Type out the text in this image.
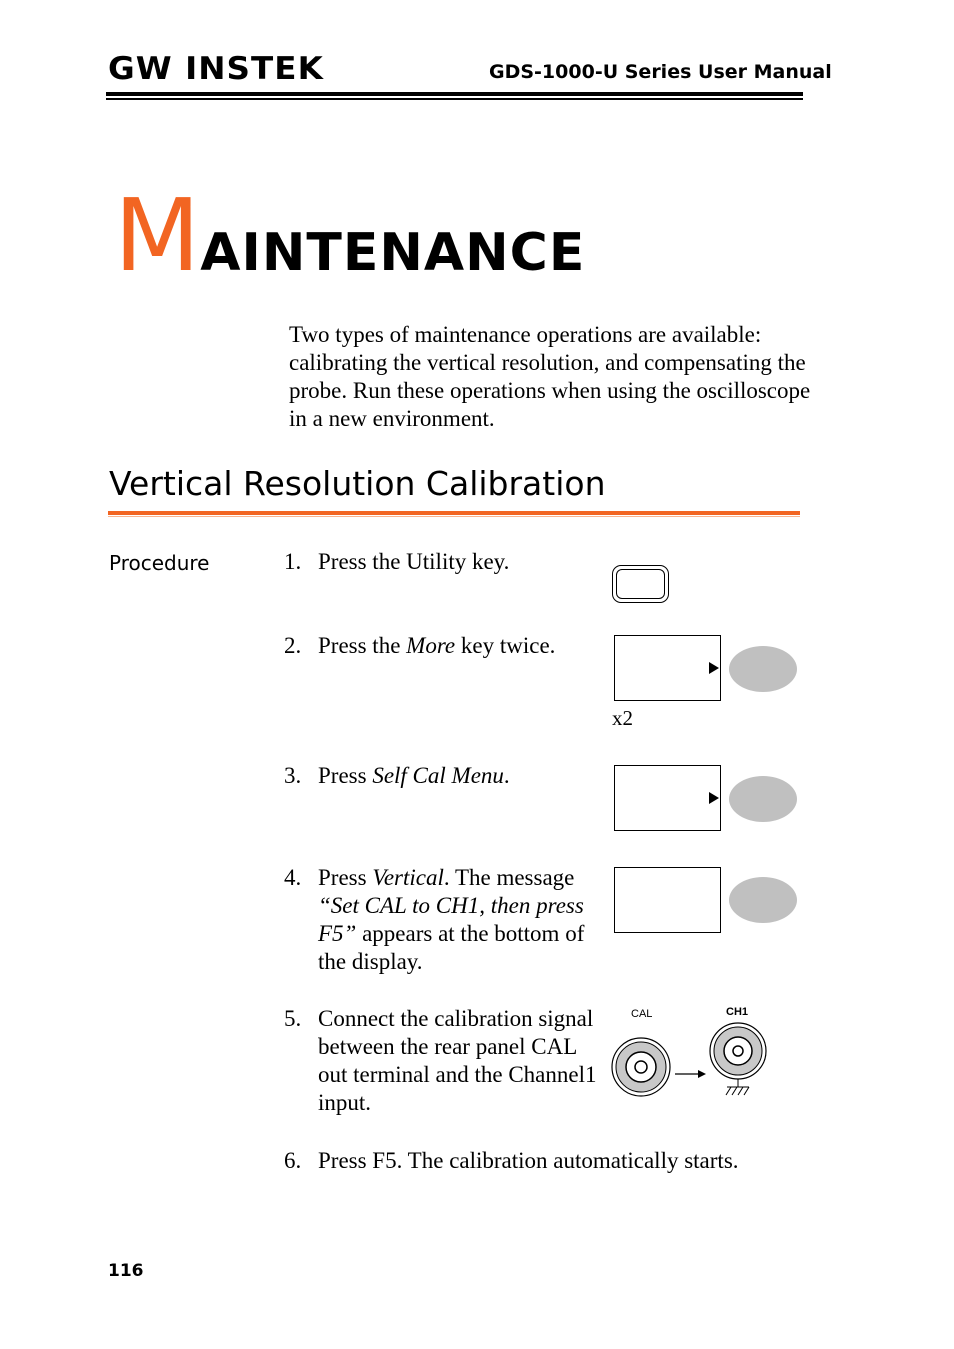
GW INSTEK	GDS-1000-U Series User Manual
MAINTENANCE
Two types of maintenance operations are available: calibrating the vertical resolution, and compensating the probe. Run these operations when using the oscilloscope in a new environment.
Vertical Resolution Calibration
Procedure	1. Press the Utility key.
2. Press the More key twice.
3. Press Self Cal Menu.
4. Press Vertical. The message “Set CAL to CH1, then press F5” appears at the bottom of the display.
5. Connect the calibration signal between the rear panel CAL out terminal and the Channel1 input.
6. Press F5. The calibration automatically starts.
x2
CAL	CH1
116
